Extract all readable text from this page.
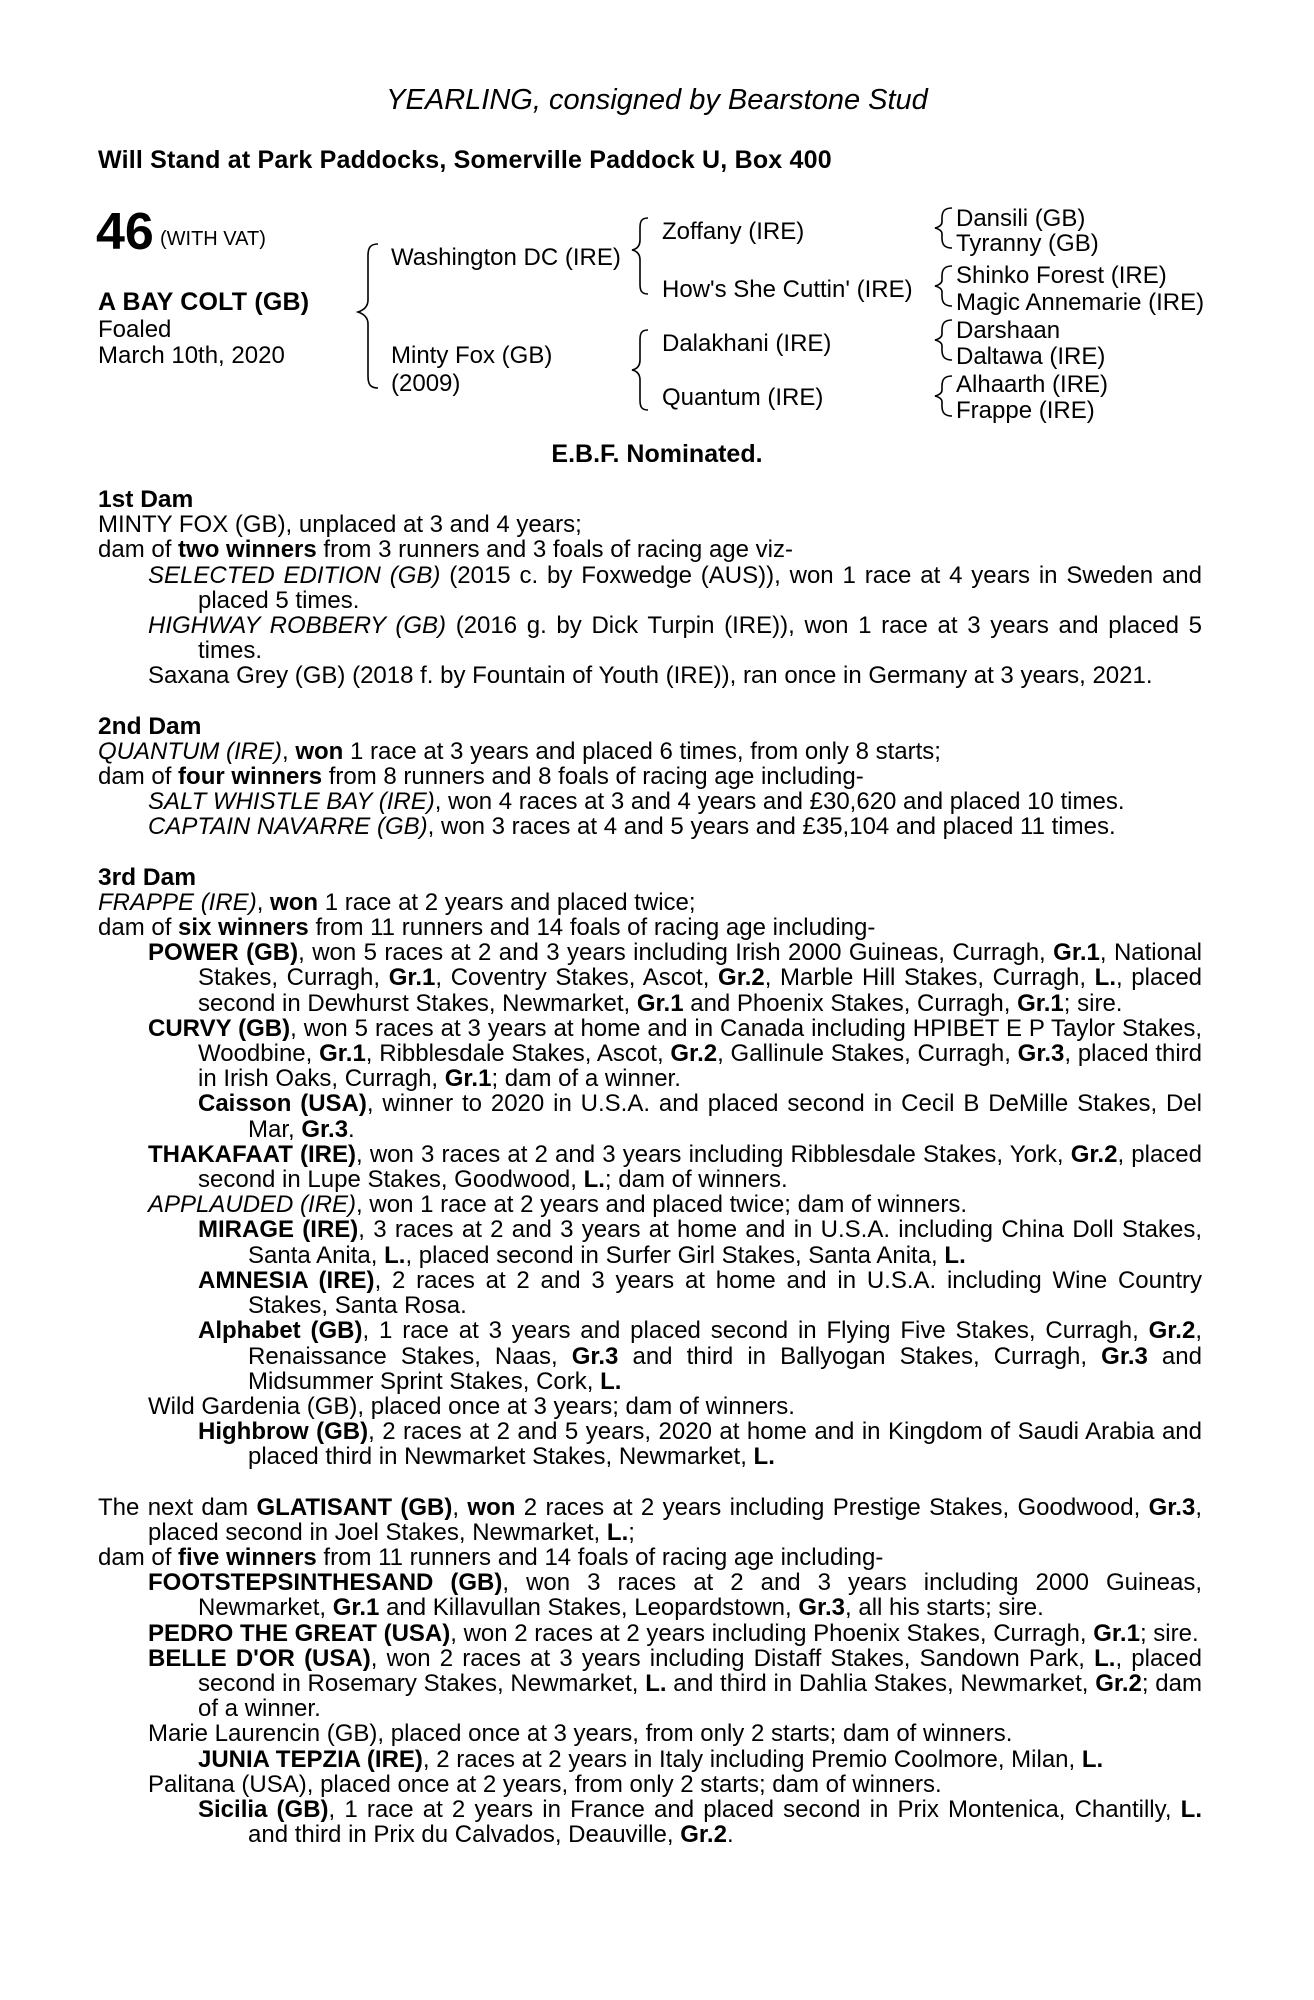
YEARLING, consigned by Bearstone Stud
Will Stand at Park Paddocks, Somerville Paddock U, Box 400
46 (WITH VAT)
A BAY COLT (GB)
Foaled
March 10th, 2020
Washington DC (IRE)
Minty Fox (GB)
(2009)
Zoffany (IRE)
How's She Cuttin' (IRE)
Dalakhani (IRE)
Quantum (IRE)
Dansili (GB)
Tyranny (GB)
Shinko Forest (IRE)
Magic Annemarie (IRE)
Darshaan
Daltawa (IRE)
Alhaarth (IRE)
Frappe (IRE)
E.B.F. Nominated.

1st Dam

MINTY FOX (GB), unplaced at 3 and 4 years;

dam of two winners from 3 runners and 3 foals of racing age viz-

SELECTED EDITION (GB) (2015 c. by Foxwedge (AUS)), won 1 race at 4 years in Sweden and placed 5 times.

HIGHWAY ROBBERY (GB) (2016 g. by Dick Turpin (IRE)), won 1 race at 3 years and placed 5 times.

Saxana Grey (GB) (2018 f. by Fountain of Youth (IRE)), ran once in Germany at 3 years, 2021.

2nd Dam

QUANTUM (IRE), won 1 race at 3 years and placed 6 times, from only 8 starts;

dam of four winners from 8 runners and 8 foals of racing age including-

SALT WHISTLE BAY (IRE), won 4 races at 3 and 4 years and £30,620 and placed 10 times.

CAPTAIN NAVARRE (GB), won 3 races at 4 and 5 years and £35,104 and placed 11 times.

3rd Dam

FRAPPE (IRE), won 1 race at 2 years and placed twice;

dam of six winners from 11 runners and 14 foals of racing age including-

POWER (GB), won 5 races at 2 and 3 years including Irish 2000 Guineas, Curragh, Gr.1, National Stakes, Curragh, Gr.1, Coventry Stakes, Ascot, Gr.2, Marble Hill Stakes, Curragh, L., placed second in Dewhurst Stakes, Newmarket, Gr.1 and Phoenix Stakes, Curragh, Gr.1; sire.

CURVY (GB), won 5 races at 3 years at home and in Canada including HPIBET E P Taylor Stakes, Woodbine, Gr.1, Ribblesdale Stakes, Ascot, Gr.2, Gallinule Stakes, Curragh, Gr.3, placed third in Irish Oaks, Curragh, Gr.1; dam of a winner.

Caisson (USA), winner to 2020 in U.S.A. and placed second in Cecil B DeMille Stakes, Del Mar, Gr.3.

THAKAFAAT (IRE), won 3 races at 2 and 3 years including Ribblesdale Stakes, York, Gr.2, placed second in Lupe Stakes, Goodwood, L.; dam of winners.

APPLAUDED (IRE), won 1 race at 2 years and placed twice; dam of winners.

MIRAGE (IRE), 3 races at 2 and 3 years at home and in U.S.A. including China Doll Stakes, Santa Anita, L., placed second in Surfer Girl Stakes, Santa Anita, L.

AMNESIA (IRE), 2 races at 2 and 3 years at home and in U.S.A. including Wine Country Stakes, Santa Rosa.

Alphabet (GB), 1 race at 3 years and placed second in Flying Five Stakes, Curragh, Gr.2, Renaissance Stakes, Naas, Gr.3 and third in Ballyogan Stakes, Curragh, Gr.3 and Midsummer Sprint Stakes, Cork, L.

Wild Gardenia (GB), placed once at 3 years; dam of winners.

Highbrow (GB), 2 races at 2 and 5 years, 2020 at home and in Kingdom of Saudi Arabia and placed third in Newmarket Stakes, Newmarket, L.

The next dam GLATISANT (GB), won 2 races at 2 years including Prestige Stakes, Goodwood, Gr.3, placed second in Joel Stakes, Newmarket, L.;

dam of five winners from 11 runners and 14 foals of racing age including-

FOOTSTEPSINTHESAND (GB), won 3 races at 2 and 3 years including 2000 Guineas, Newmarket, Gr.1 and Killavullan Stakes, Leopardstown, Gr.3, all his starts; sire.

PEDRO THE GREAT (USA), won 2 races at 2 years including Phoenix Stakes, Curragh, Gr.1; sire.

BELLE D'OR (USA), won 2 races at 3 years including Distaff Stakes, Sandown Park, L., placed second in Rosemary Stakes, Newmarket, L. and third in Dahlia Stakes, Newmarket, Gr.2; dam of a winner.

Marie Laurencin (GB), placed once at 3 years, from only 2 starts; dam of winners.

JUNIA TEPZIA (IRE), 2 races at 2 years in Italy including Premio Coolmore, Milan, L.

Palitana (USA), placed once at 2 years, from only 2 starts; dam of winners.

Sicilia (GB), 1 race at 2 years in France and placed second in Prix Montenica, Chantilly, L. and third in Prix du Calvados, Deauville, Gr.2.
